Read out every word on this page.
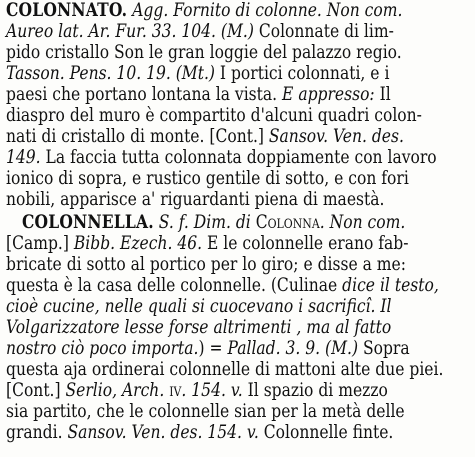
COLONNATO. Agg. Fornito di colonne. Non com.
Aureo lat. Ar. Fur. 33. 104. (M.) Colonnate di lim-
pido cristallo Son le gran loggie del palazzo regio.
Tasson. Pens. 10. 19. (Mt.) I portici colonnati, e i
paesi che portano lontana la vista. E appresso: Il
diaspro del muro è compartito d'alcuni quadri colon-
nati di cristallo di monte. [Cont.] Sansov. Ven. des.
149. La faccia tutta colonnata doppiamente con lavoro
ionico di sopra, e rustico gentile di sotto, e con fori
nobili, apparisce a' riguardanti piena di maestà.
COLONNELLA. S. f. Dim. di Colonna. Non com.
[Camp.] Bibb. Ezech. 46. E le colonnelle erano fab-
bricate di sotto al portico per lo giro; e disse a me:
questa è la casa delle colonnelle. (Culinae dice il testo,
cioè cucine, nelle quali si cuocevano i sacrificî. Il
Volgarizzatore lesse forse altrimenti , ma al fatto
nostro ciò poco importa.) = Pallad. 3. 9. (M.) Sopra
questa aja ordinerai colonnelle di mattoni alte due piei.
[Cont.] Serlio, Arch. iv. 154. v. Il spazio di mezzo
sia partito, che le colonnelle sian per la metà delle
grandi. Sansov. Ven. des. 154. v. Colonnelle finte.
